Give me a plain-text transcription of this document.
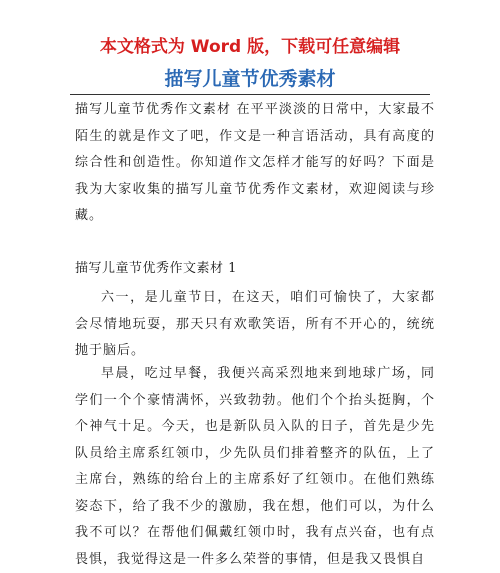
本文格式为 Word 版，下载可任意编辑
描写儿童节优秀素材

描写儿童节优秀作文素材 在平平淡淡的日常中，大家最不陌生的就是作文了吧，作文是一种言语活动，具有高度的综合性和创造性。你知道作文怎样才能写的好吗？下面是我为大家收集的描写儿童节优秀作文素材，欢迎阅读与珍藏。

描写儿童节优秀作文素材 1

六一，是儿童节日，在这天，咱们可愉快了，大家都会尽情地玩耍，那天只有欢歌笑语，所有不开心的，统统抛于脑后。

早晨，吃过早餐，我便兴高采烈地来到地球广场，同学们一个个豪情满怀，兴致勃勃。他们个个抬头挺胸，个个神气十足。今天，也是新队员入队的日子，首先是少先队员给主席系红领巾，少先队员们排着整齐的队伍，上了主席台，熟练的给台上的主席系好了红领巾。在他们熟练姿态下，给了我不少的激励，我在想，他们可以，为什么我不可以？在帮他们佩戴红领巾时，我有点兴奋，也有点畏惧，我觉得这是一件多么荣誉的事情，但是我又畏惧自
